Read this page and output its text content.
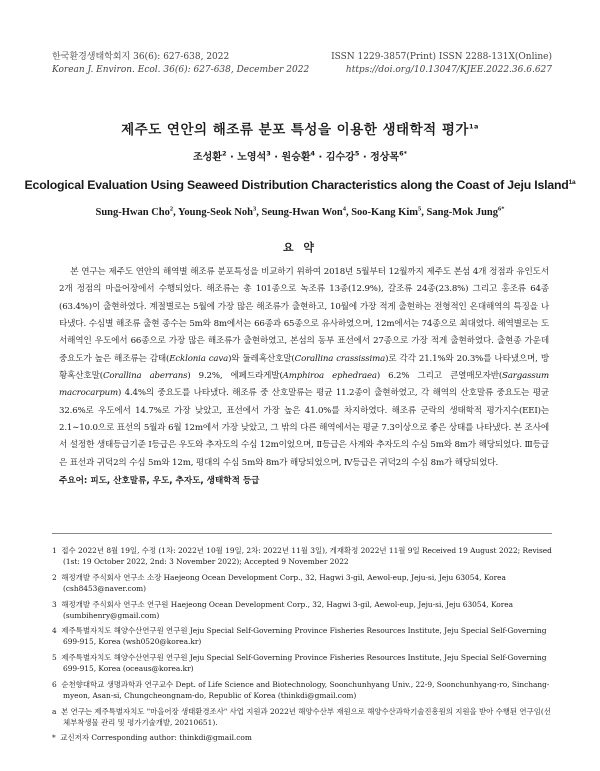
한국환경생태학회지 36(6): 627-638, 2022
Korean J. Environ. Ecol. 36(6): 627-638, December 2022
ISSN 1229-3857(Print) ISSN 2288-131X(Online)
https://doi.org/10.13047/KJEE.2022.36.6.627
제주도 연안의 해조류 분포 특성을 이용한 생태학적 평가$^{1a}$
조성환$^2$ · 노영석$^3$ · 원승환$^4$ · 김수강$^5$ · 정상목$^{6*}$
Ecological Evaluation Using Seaweed Distribution Characteristics along the Coast of Jeju Island$^{1a}$
Sung-Hwan Cho$^2$, Young-Seok Noh$^3$, Seung-Hwan Won$^4$, Soo-Kang Kim$^5$, Sang-Mok Jung$^{6*}$
요 약

본 연구는 제주도 연안의 해역별 해조류 분포특성을 비교하기 위하여 2018년 5월부터 12월까지 제주도 본섬 4개 정점과 유인도서 2개 정점의 마을어장에서 수행되었다. 해조류는 총 101종으로 녹조류 13종(12.9%), 갈조류 24종(23.8%) 그리고 홍조류 64종(63.4%)이 출현하였다. 계절별로는 5월에 가장 많은 해조류가 출현하고, 10월에 가장 적게 출현하는 전형적인 온대해역의 특징을 나타냈다. 수심별 해조류 출현 종수는 5m와 8m에서는 66종과 65종으로 유사하였으며, 12m에서는 74종으로 최대였다. 해역별로는 도서해역인 우도에서 66종으로 가장 많은 해조류가 출현하였고, 본섬의 동부 표선에서 27종으로 가장 적게 출현하였다. 출현종 가운데 중요도가 높은 해조류는 감태(Ecklonia cava)와 둘레혹산호말(Corallina crassissima)로 각각 21.1%와 20.3%를 나타냈으며, 방황혹산호말(Corallina aberrans) 9.2%, 에페드라게발(Amphiroa ephedraea) 6.2% 그리고 큰열매모자반(Sargassum macrocarpum) 4.4%의 중요도를 나타냈다. 해조류 중 산호말류는 평균 11.2종이 출현하였고, 각 해역의 산호말류 중요도는 평균 32.6%로 우도에서 14.7%로 가장 낮았고, 표선에서 가장 높은 41.0%를 차지하였다. 해조류 군락의 생태학적 평가지수(EEI)는 2.1∼10.0으로 표선의 5월과 6월 12m에서 가장 낮았고, 그 밖의 다른 해역에서는 평균 7.3이상으로 좋은 상태를 나타냈다. 본 조사에서 설정한 생태등급기준 Ⅰ등급은 우도와 추자도의 수심 12m이었으며, Ⅱ등급은 사계와 추자도의 수심 5m와 8m가 해당되었다. Ⅲ등급은 표선과 귀덕2의 수심 5m와 12m, 평대의 수심 5m와 8m가 해당되었으며, Ⅳ등급은 귀덕2의 수심 8m가 해당되었다.

주요어: 피도, 산호말류, 우도, 추자도, 생태학적 등급
1 접수 2022년 8월 19일, 수정 (1차: 2022년 10월 19일, 2차: 2022년 11월 3일), 게재확정 2022년 11월 9일 Received 19 August 2022; Revised (1st: 19 October 2022, 2nd: 3 November 2022); Accepted 9 November 2022
2 해정개발 주식회사 연구소 소장 Haejeong Ocean Development Corp., 32, Hagwi 3-gil, Aewol-eup, Jeju-si, Jeju 63054, Korea (csh8453@naver.com)
3 해정개발 주식회사 연구소 연구원 Haejeong Ocean Development Corp., 32, Hagwi 3-gil, Aewol-eup, Jeju-si, Jeju 63054, Korea (sumbihenry@gmail.com)
4 제주특별자치도 해양수산연구원 연구원 Jeju Special Self-Governing Province Fisheries Resources Institute, Jeju Special Self-Governing 699-915, Korea (wsh0520@korea.kr)
5 제주특별자치도 해양수산연구원 연구원 Jeju Special Self-Governing Province Fisheries Resources Institute, Jeju Special Self-Governing 699-915, Korea (oceaus@korea.kr)
6 순천향대학교 생명과학과 연구교수 Dept. of Life Science and Biotechnology, Soonchunhyang Univ., 22-9, Soonchunhyang-ro, Sinchang-myeon, Asan-si, Chungcheongnam-do, Republic of Korea (thinkdi@gmail.com)
a 본 연구는 제주특별자치도 "마을어장 생태환경조사" 사업 지원과 2022년 해양수산부 재원으로 해양수산과학기술진흥원의 지원을 받아 수행된 연구임(선체부착생물 관리 및 평가기술개발, 20210651).
* 교신저자 Corresponding author: thinkdi@gmail.com
